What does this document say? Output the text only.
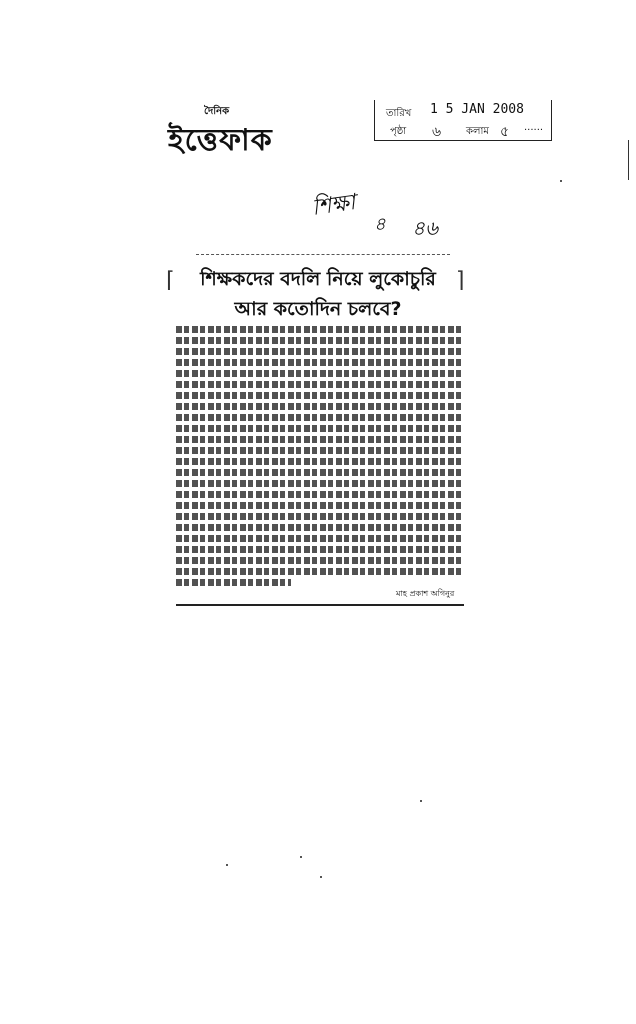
দৈনিক
ইত্তেফাক
তারিখ 1 5 JAN 2008
পৃষ্ঠা ৬ কলাম ৫ ......
শিক্ষা
৪ ৪৬
⌈	⌉
শিক্ষকদের বদলি নিয়ে লুকোচুরি
আর কতোদিন চলবে?
মাহ প্রকাশ অগিনুর
